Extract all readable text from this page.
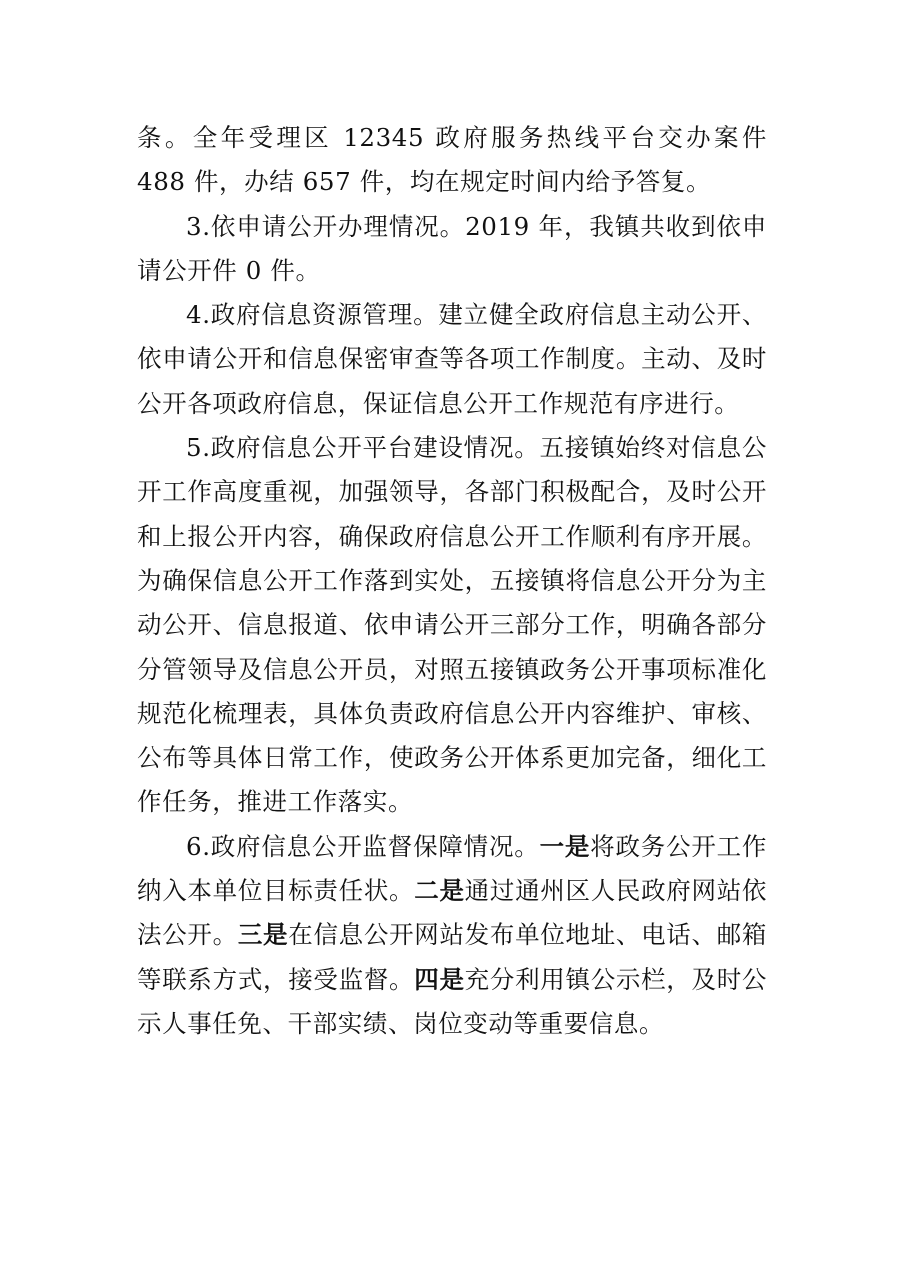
条。全年受理区 12345 政府服务热线平台交办案件 488 件，办结 657 件，均在规定时间内给予答复。

3.依申请公开办理情况。2019 年，我镇共收到依申请公开件 0 件。

4.政府信息资源管理。建立健全政府信息主动公开、依申请公开和信息保密审查等各项工作制度。主动、及时公开各项政府信息，保证信息公开工作规范有序进行。

5.政府信息公开平台建设情况。五接镇始终对信息公开工作高度重视，加强领导，各部门积极配合，及时公开和上报公开内容，确保政府信息公开工作顺利有序开展。为确保信息公开工作落到实处，五接镇将信息公开分为主动公开、信息报道、依申请公开三部分工作，明确各部分分管领导及信息公开员，对照五接镇政务公开事项标准化规范化梳理表，具体负责政府信息公开内容维护、审核、公布等具体日常工作，使政务公开体系更加完备，细化工作任务，推进工作落实。

6.政府信息公开监督保障情况。一是将政务公开工作纳入本单位目标责任状。二是通过通州区人民政府网站依法公开。三是在信息公开网站发布单位地址、电话、邮箱等联系方式，接受监督。四是充分利用镇公示栏，及时公示人事任免、干部实绩、岗位变动等重要信息。
